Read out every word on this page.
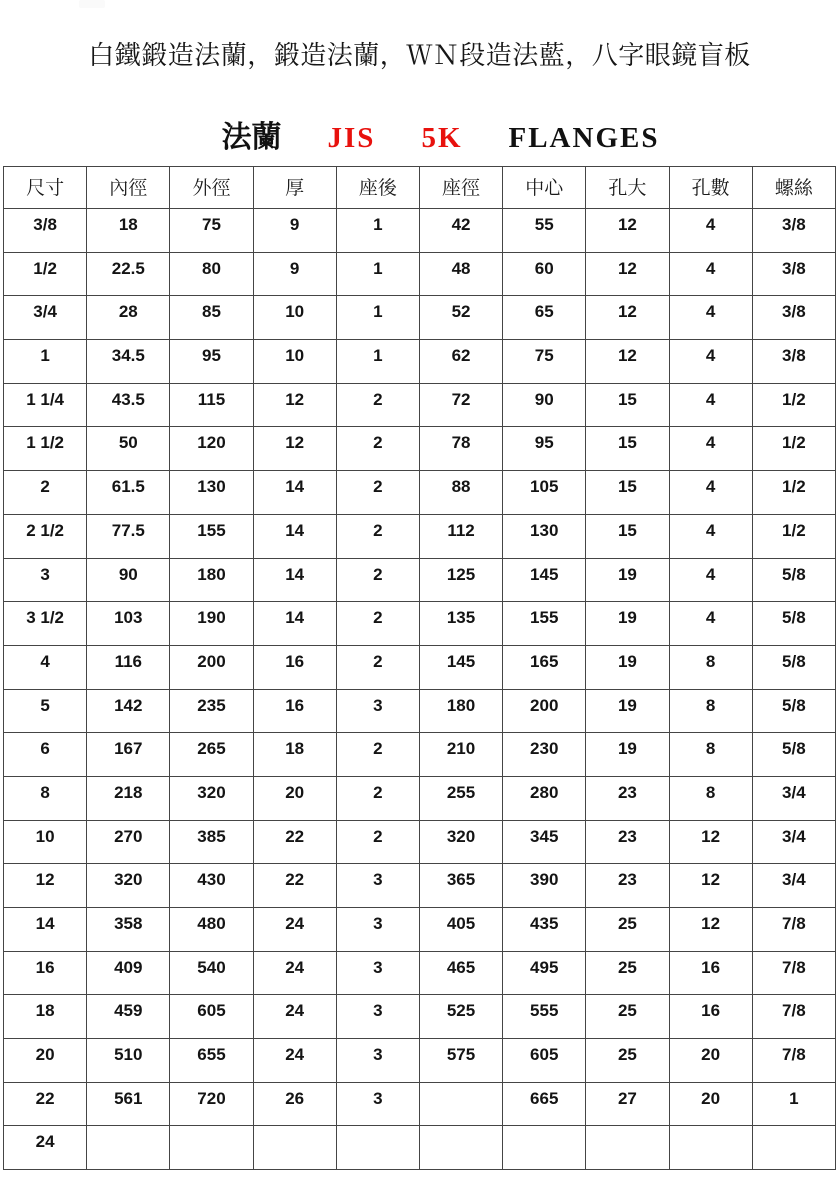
白鐵鍛造法蘭，鍛造法蘭，ＷＮ段造法藍，八字眼鏡盲板
法蘭 JIS 5K FLANGES
尺寸	內徑	外徑	厚	座後	座徑	中心	孔大	孔數	螺絲
3/8	18	75	9	1	42	55	12	4	3/8
1/2	22.5	80	9	1	48	60	12	4	3/8
3/4	28	85	10	1	52	65	12	4	3/8
1	34.5	95	10	1	62	75	12	4	3/8
1 1/4	43.5	115	12	2	72	90	15	4	1/2
1 1/2	50	120	12	2	78	95	15	4	1/2
2	61.5	130	14	2	88	105	15	4	1/2
2 1/2	77.5	155	14	2	112	130	15	4	1/2
3	90	180	14	2	125	145	19	4	5/8
3 1/2	103	190	14	2	135	155	19	4	5/8
4	116	200	16	2	145	165	19	8	5/8
5	142	235	16	3	180	200	19	8	5/8
6	167	265	18	2	210	230	19	8	5/8
8	218	320	20	2	255	280	23	8	3/4
10	270	385	22	2	320	345	23	12	3/4
12	320	430	22	3	365	390	23	12	3/4
14	358	480	24	3	405	435	25	12	7/8
16	409	540	24	3	465	495	25	16	7/8
18	459	605	24	3	525	555	25	16	7/8
20	510	655	24	3	575	605	25	20	7/8
22	561	720	26	3		665	27	20	1
24									
